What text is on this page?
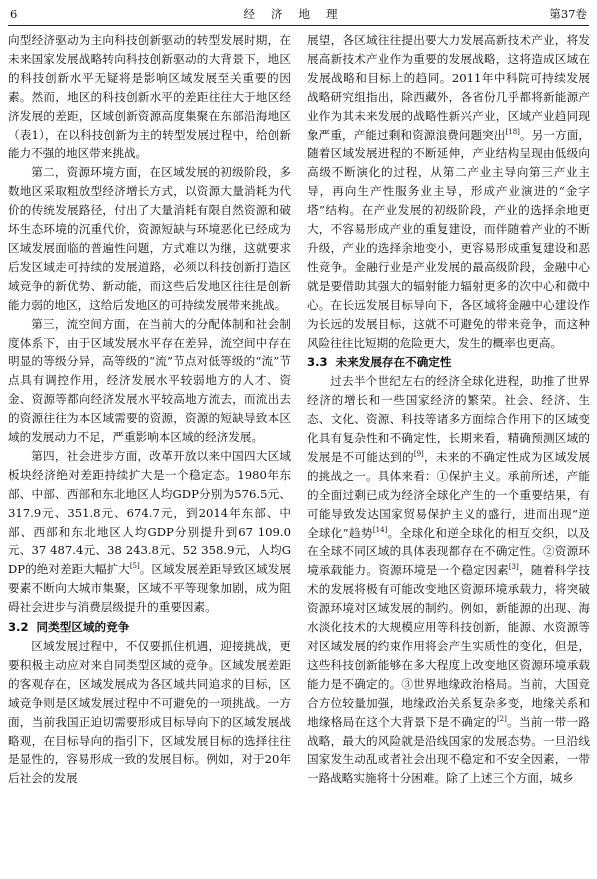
6	经济地理	第37卷

向型经济驱动为主向科技创新驱动的转型发展时期，在未来国家发展战略转向科技创新驱动的大背景下，地区的科技创新水平无疑将是影响区域发展至关重要的因素。然而，地区的科技创新水平的差距往往大于地区经济发展的差距，区域创新资源高度集聚在东部沿海地区（表1），在以科技创新为主的转型发展过程中，给创新能力不强的地区带来挑战。

第二，资源环境方面，在区域发展的初级阶段，多数地区采取粗放型经济增长方式，以资源大量消耗为代价的传统发展路径，付出了大量消耗有限自然资源和破坏生态环境的沉重代价，资源短缺与环境恶化已经成为区域发展面临的普遍性问题，方式难以为继，这就要求后发区域走可持续的发展道路，必须以科技创新打造区域竞争的新优势、新动能，而这些后发地区往往是创新能力弱的地区，这给后发地区的可持续发展带来挑战。

第三，流空间方面，在当前大的分配体制和社会制度体系下，由于区域发展水平存在差异，流空间中存在明显的等级分异，高等级的“流”节点对低等级的“流”节点具有调控作用，经济发展水平较弱地方的人才、资金、资源等都向经济发展水平较高地方流去，而流出去的资源往往为本区域需要的资源，资源的短缺导致本区域的发展动力不足，严重影响本区域的经济发展。

第四，社会进步方面，改革开放以来中国四大区域板块经济绝对差距持续扩大是一个稳定态。1980年东部、中部、西部和东北地区人均GDP分别为576.5元、317.9元、351.8元、674.7元，到2014年东部、中部、西部和东北地区人均GDP分别提升到67 109.0元、37 487.4元、38 243.8元、52 358.9元，人均GDP的绝对差距大幅扩大[5]。区域发展差距导致区域发展要素不断向大城市集聚，区域不平等现象加剧，成为阻碍社会进步与消费层级提升的重要因素。

3.2 同类型区域的竞争

区域发展过程中，不仅要抓住机遇，迎接挑战，更要积极主动应对来自同类型区域的竞争。区域发展差距的客观存在，区域发展成为各区域共同追求的目标，区域竞争则是区域发展过程中不可避免的一项挑战。一方面，当前我国正迫切需要形成目标导向下的区域发展战略观，在目标导向的指引下，区域发展目标的选择往往是显性的，容易形成一致的发展目标。例如，对于20年后社会的发展

展望，各区域往往提出要大力发展高新技术产业，将发展高新技术产业作为重要的发展战略，这将造成区域在发展战略和目标上的趋同。2011年中科院可持续发展战略研究组指出，除西藏外，各省份几乎都将新能源产业作为其未来发展的战略性新兴产业，区域产业趋同现象严重，产能过剩和资源浪费问题突出[18]。另一方面，随着区域发展进程的不断延伸，产业结构呈现由低级向高级不断演化的过程，从第二产业主导向第三产业主导，再向生产性服务业主导，形成产业演进的“金字塔”结构。在产业发展的初级阶段，产业的选择余地更大，不容易形成产业的重复建设，而伴随着产业的不断升级，产业的选择余地变小，更容易形成重复建设和恶性竞争。金融行业是产业发展的最高级阶段，金融中心就是要借助其强大的辐射能力辐射更多的次中心和微中心。在长远发展目标导向下，各区域将金融中心建设作为长远的发展目标，这就不可避免的带来竞争，而这种风险往往比短期的危险更大，发生的概率也更高。

3.3 未来发展存在不确定性

过去半个世纪左右的经济全球化进程，助推了世界经济的增长和一些国家经济的繁荣。社会、经济、生态、文化、资源、科技等诸多方面综合作用下的区域变化具有复杂性和不确定性，长期来看，精确预测区域的发展是不可能达到的[9]，未来的不确定性成为区域发展的挑战之一。具体来看：①保护主义。承前所述，产能的全面过剩已成为经济全球化产生的一个重要结果，有可能导致发达国家贸易保护主义的盛行，进而出现“逆全球化”趋势[14]。全球化和逆全球化的相互交织，以及在全球不同区域的具体表现都存在不确定性。②资源环境承载能力。资源环境是一个稳定因素[3]，随着科学技术的发展将极有可能改变地区资源环境承载力，将突破资源环境对区域发展的制约。例如，新能源的出现、海水淡化技术的大规模应用等科技创新，能源、水资源等对区域发展的约束作用将会产生实质性的变化，但是，这些科技创新能够在多大程度上改变地区资源环境承载能力是不确定的。③世界地缘政治格局。当前，大国竞合方位较量加强，地缘政治关系复杂多变，地缘关系和地缘格局在这个大背景下是不确定的[2]。当前一带一路战略，最大的风险就是沿线国家的发展态势。一旦沿线国家发生动乱或者社会出现不稳定和不安全因素，一带一路战略实施将十分困难。除了上述三个方面，城乡
